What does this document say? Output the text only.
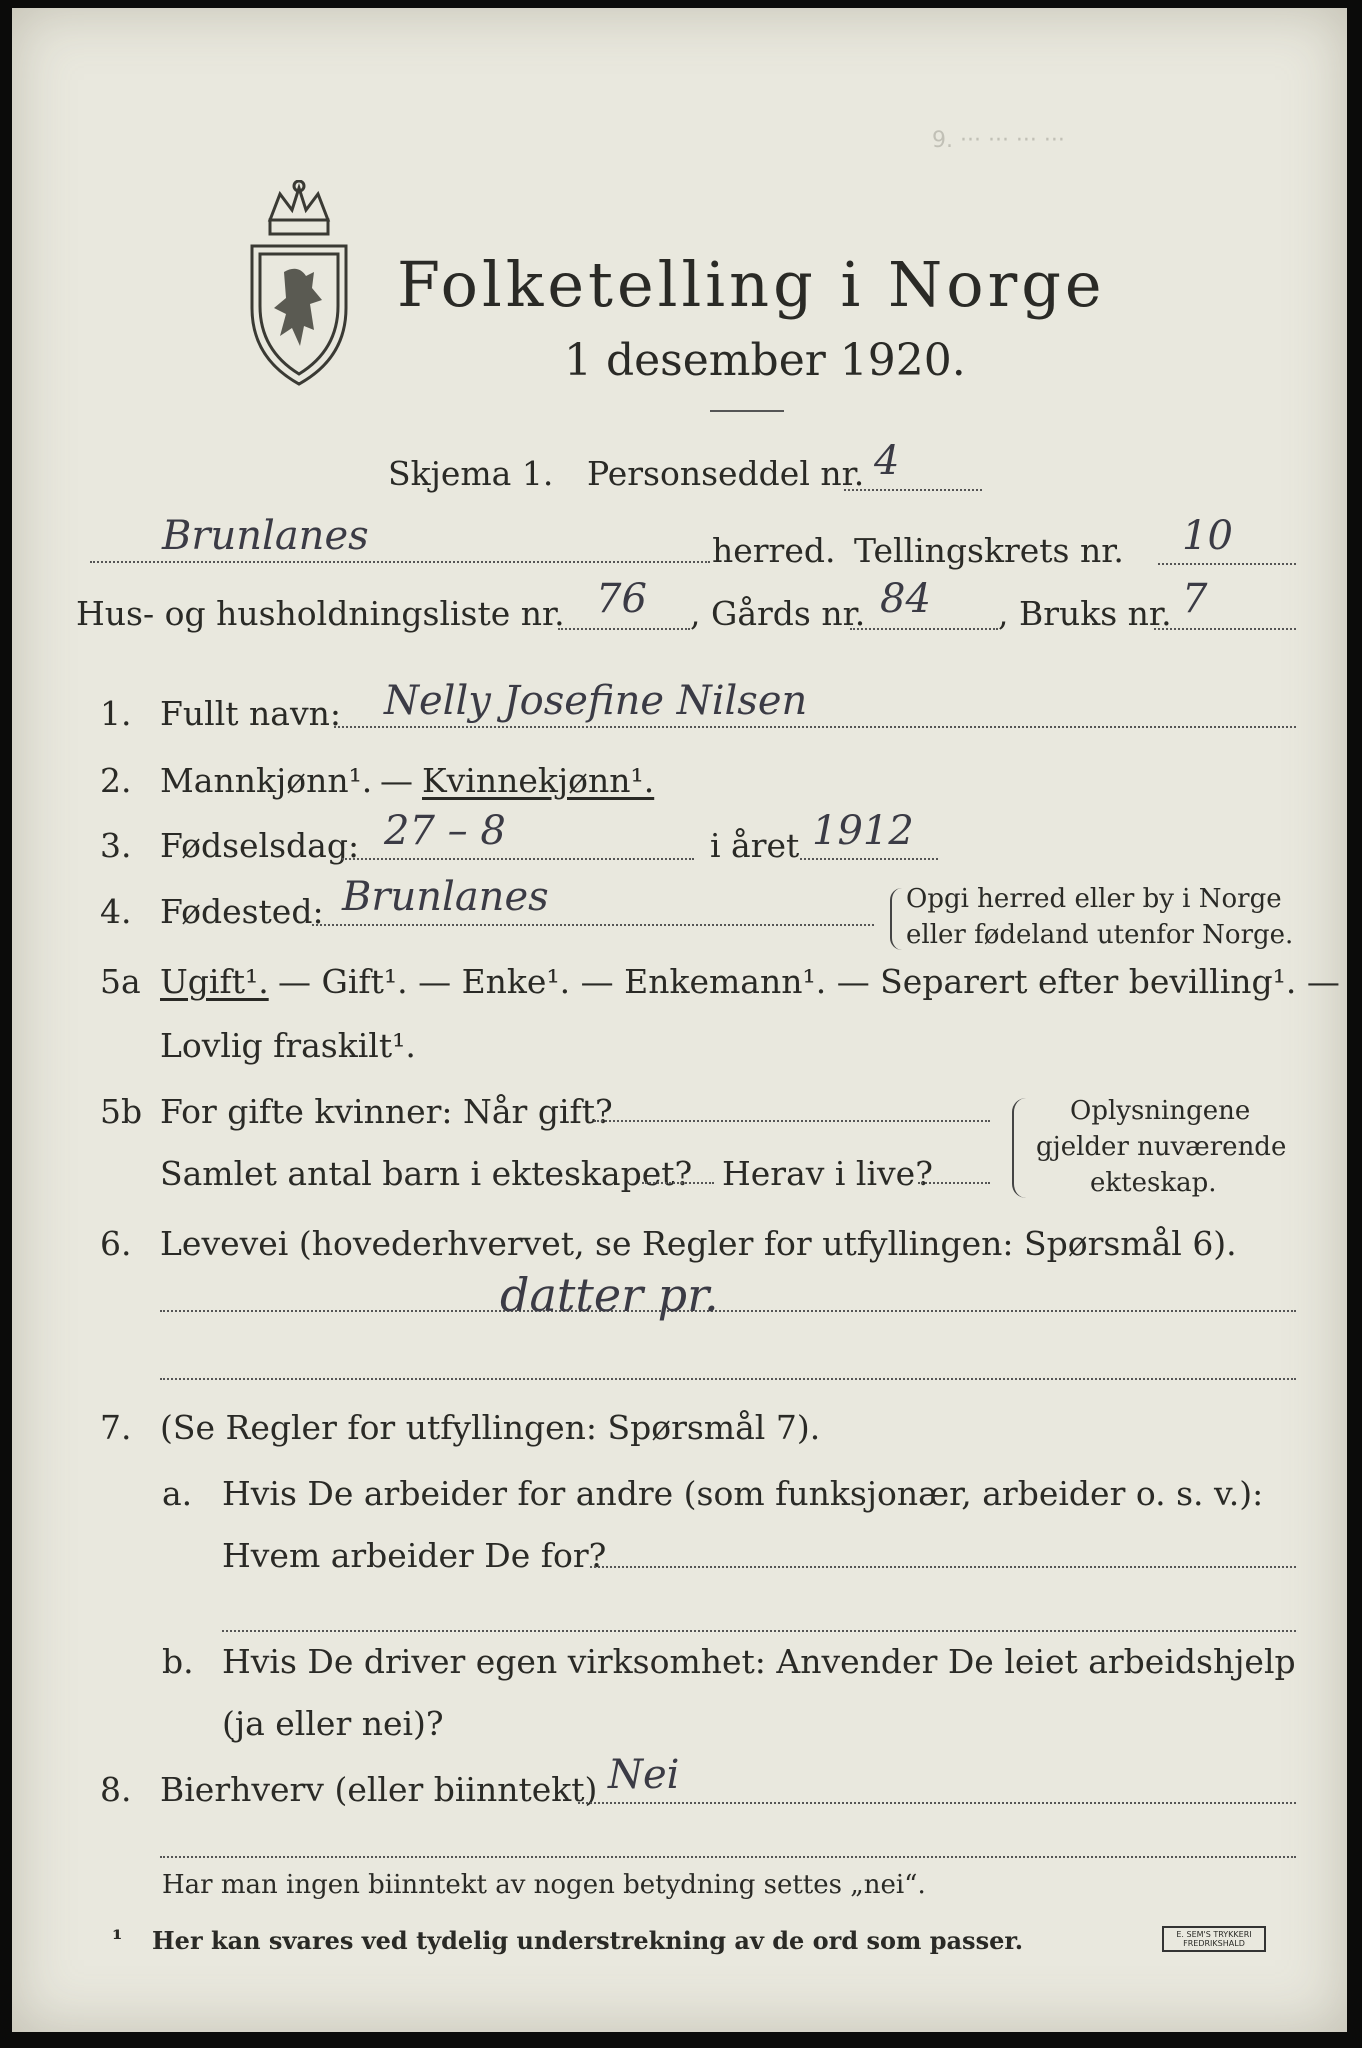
9. ··· ··· ··· ···
Folketelling i Norge
1 desember 1920.
Skjema 1. Personseddel nr. 4
Brunlanes	herred. Tellingskrets nr. 10
Hus- og husholdningsliste nr. 76 , Gårds nr. 84 , Bruks nr. 7
1. Fullt navn: Nelly Josefine Nilsen
2. Mannkjønn¹. — Kvinnekjønn¹.
3. Fødselsdag: 27 – 8	i året 1912
4. Fødested: Brunlanes	Opgi herred eller by i Norge
eller fødeland utenfor Norge.
5a Ugift¹. — Gift¹. — Enke¹. — Enkemann¹. — Separert efter bevilling¹. —
Lovlig fraskilt¹.
5b For gifte kvinner: Når gift?
Samlet antal barn i ekteskapet? Herav i live?
Oplysningene
gjelder nuværende
ekteskap.
6. Levevei (hovederhvervet, se Regler for utfyllingen: Spørsmål 6).
datter pr.
7. (Se Regler for utfyllingen: Spørsmål 7).
a. Hvis De arbeider for andre (som funksjonær, arbeider o. s. v.):
Hvem arbeider De for?
b. Hvis De driver egen virksomhet: Anvender De leiet arbeidshjelp
(ja eller nei)?
8. Bierhverv (eller biinntekt) Nei
Har man ingen biinntekt av nogen betydning settes „nei“.
¹ Her kan svares ved tydelig understrekning av de ord som passer.	E. SEM'S TRYKKERI
FREDRIKSHALD
